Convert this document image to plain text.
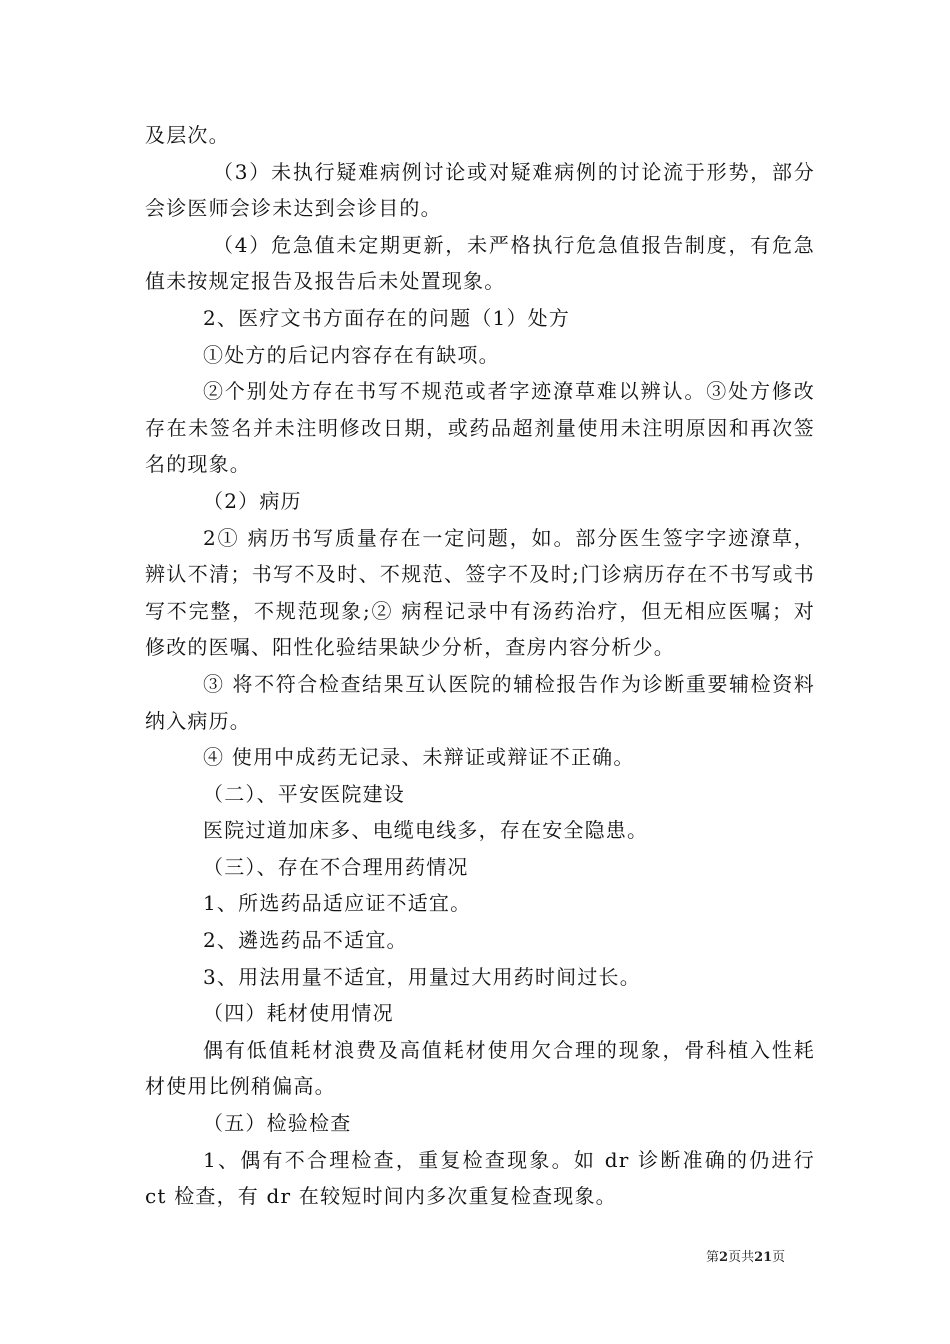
及层次。

（3）未执行疑难病例讨论或对疑难病例的讨论流于形势，部分会诊医师会诊未达到会诊目的。

（4）危急值未定期更新，未严格执行危急值报告制度，有危急值未按规定报告及报告后未处置现象。

2、医疗文书方面存在的问题（1）处方

①处方的后记内容存在有缺项。

②个别处方存在书写不规范或者字迹潦草难以辨认。③处方修改存在未签名并未注明修改日期，或药品超剂量使用未注明原因和再次签名的现象。

（2）病历

2① 病历书写质量存在一定问题，如。部分医生签字字迹潦草，辨认不清；书写不及时、不规范、签字不及时;门诊病历存在不书写或书写不完整，不规范现象;② 病程记录中有汤药治疗，但无相应医嘱；对修改的医嘱、阳性化验结果缺少分析，查房内容分析少。

③ 将不符合检查结果互认医院的辅检报告作为诊断重要辅检资料纳入病历。

④ 使用中成药无记录、未辩证或辩证不正确。

（二）、平安医院建设

医院过道加床多、电缆电线多，存在安全隐患。

（三）、存在不合理用药情况

1、所选药品适应证不适宜。

2、遴选药品不适宜。

3、用法用量不适宜，用量过大用药时间过长。

（四）耗材使用情况

偶有低值耗材浪费及高值耗材使用欠合理的现象，骨科植入性耗材使用比例稍偏高。

（五）检验检查

1、偶有不合理检查，重复检查现象。如 dr 诊断准确的仍进行 ct 检查，有 dr 在较短时间内多次重复检查现象。

第2页共21页
